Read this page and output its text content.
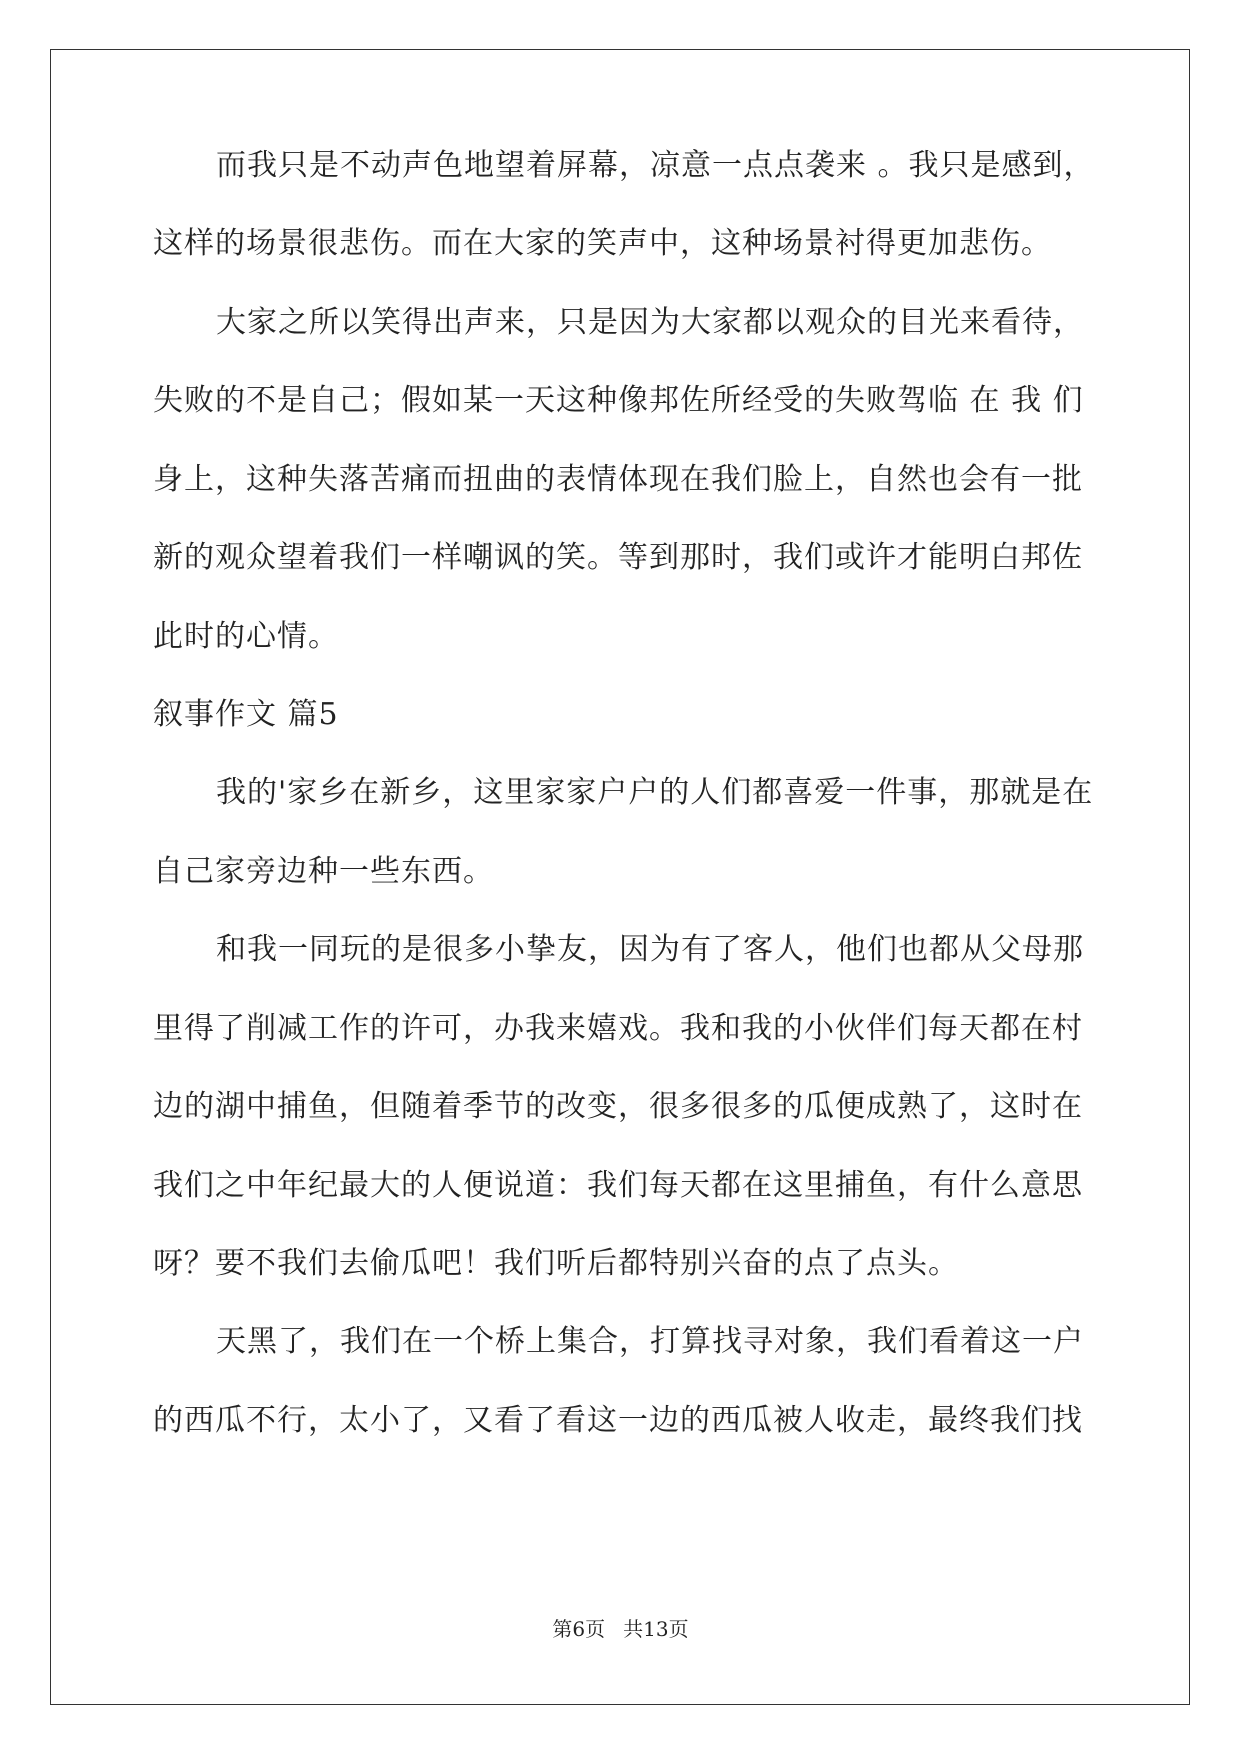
而我只是不动声色地望着屏幕，凉意一点点袭来 。我只是感到，
这样的场景很悲伤。而在大家的笑声中，这种场景衬得更加悲伤。
大家之所以笑得出声来，只是因为大家都以观众的目光来看待，
失败的不是自己；假如某一天这种像邦佐所经受的失败驾临 在 我 们
身上，这种失落苦痛而扭曲的表情体现在我们脸上，自然也会有一批
新的观众望着我们一样嘲讽的笑。等到那时，我们或许才能明白邦佐
此时的心情。
叙事作文 篇5
我的'家乡在新乡，这里家家户户的人们都喜爱一件事，那就是在
自己家旁边种一些东西。
和我一同玩的是很多小挚友，因为有了客人，他们也都从父母那
里得了削减工作的许可，办我来嬉戏。我和我的小伙伴们每天都在村
边的湖中捕鱼，但随着季节的改变，很多很多的瓜便成熟了，这时在
我们之中年纪最大的人便说道：我们每天都在这里捕鱼，有什么意思
呀？要不我们去偷瓜吧！我们听后都特别兴奋的点了点头。
天黑了，我们在一个桥上集合，打算找寻对象，我们看着这一户
的西瓜不行，太小了，又看了看这一边的西瓜被人收走，最终我们找
第6页 共13页
